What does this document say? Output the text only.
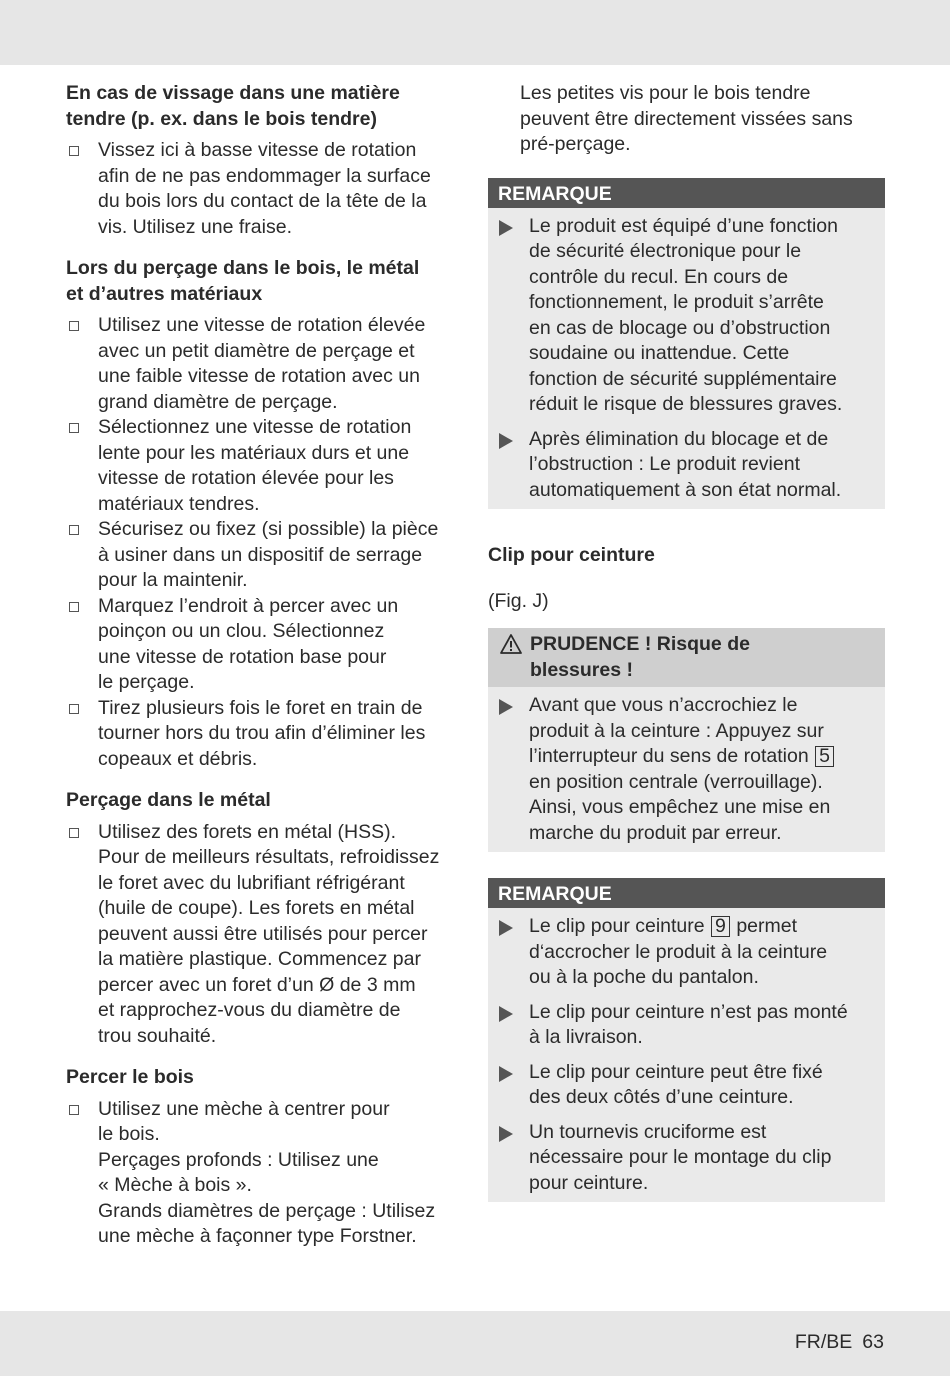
En cas de vissage dans une matière
tendre (p. ex. dans le bois tendre)
Vissez ici à basse vitesse de rotation
afin de ne pas endommager la surface
du bois lors du contact de la tête de la
vis. Utilisez une fraise.
Lors du perçage dans le bois, le métal
et d’autres matériaux
Utilisez une vitesse de rotation élevée
avec un petit diamètre de perçage et
une faible vitesse de rotation avec un
grand diamètre de perçage.
Sélectionnez une vitesse de rotation
lente pour les matériaux durs et une
vitesse de rotation élevée pour les
matériaux tendres.
Sécurisez ou fixez (si possible) la pièce
à usiner dans un dispositif de serrage
pour la maintenir.
Marquez l’endroit à percer avec un
poinçon ou un clou. Sélectionnez
une vitesse de rotation base pour
le perçage.
Tirez plusieurs fois le foret en train de
tourner hors du trou afin d’éliminer les
copeaux et débris.
Perçage dans le métal
Utilisez des forets en métal (HSS).
Pour de meilleurs résultats, refroidissez
le foret avec du lubrifiant réfrigérant
(huile de coupe). Les forets en métal
peuvent aussi être utilisés pour percer
la matière plastique. Commencez par
percer avec un foret d’un Ø de 3 mm
et rapprochez-vous du diamètre de
trou souhaité.
Percer le bois
Utilisez une mèche à centrer pour
le bois.
Perçages profonds : Utilisez une
« Mèche à bois ».
Grands diamètres de perçage : Utilisez
une mèche à façonner type Forstner.
Les petites vis pour le bois tendre
peuvent être directement vissées sans
pré-perçage.
REMARQUE
Le produit est équipé d’une fonction
de sécurité électronique pour le
contrôle du recul. En cours de
fonctionnement, le produit s’arrête
en cas de blocage ou d’obstruction
soudaine ou inattendue. Cette
fonction de sécurité supplémentaire
réduit le risque de blessures graves.
Après élimination du blocage et de
l’obstruction : Le produit revient
automatiquement à son état normal.
Clip pour ceinture
(Fig. J)
PRUDENCE ! Risque de
blessures !
Avant que vous n’accrochiez le
produit à la ceinture : Appuyez sur
l’interrupteur du sens de rotation 5
en position centrale (verrouillage).
Ainsi, vous empêchez une mise en
marche du produit par erreur.
REMARQUE
Le clip pour ceinture 9 permet
d‘accrocher le produit à la ceinture
ou à la poche du pantalon.
Le clip pour ceinture n’est pas monté
à la livraison.
Le clip pour ceinture peut être fixé
des deux côtés d’une ceinture.
Un tournevis cruciforme est
nécessaire pour le montage du clip
pour ceinture.
FR/BE 63
